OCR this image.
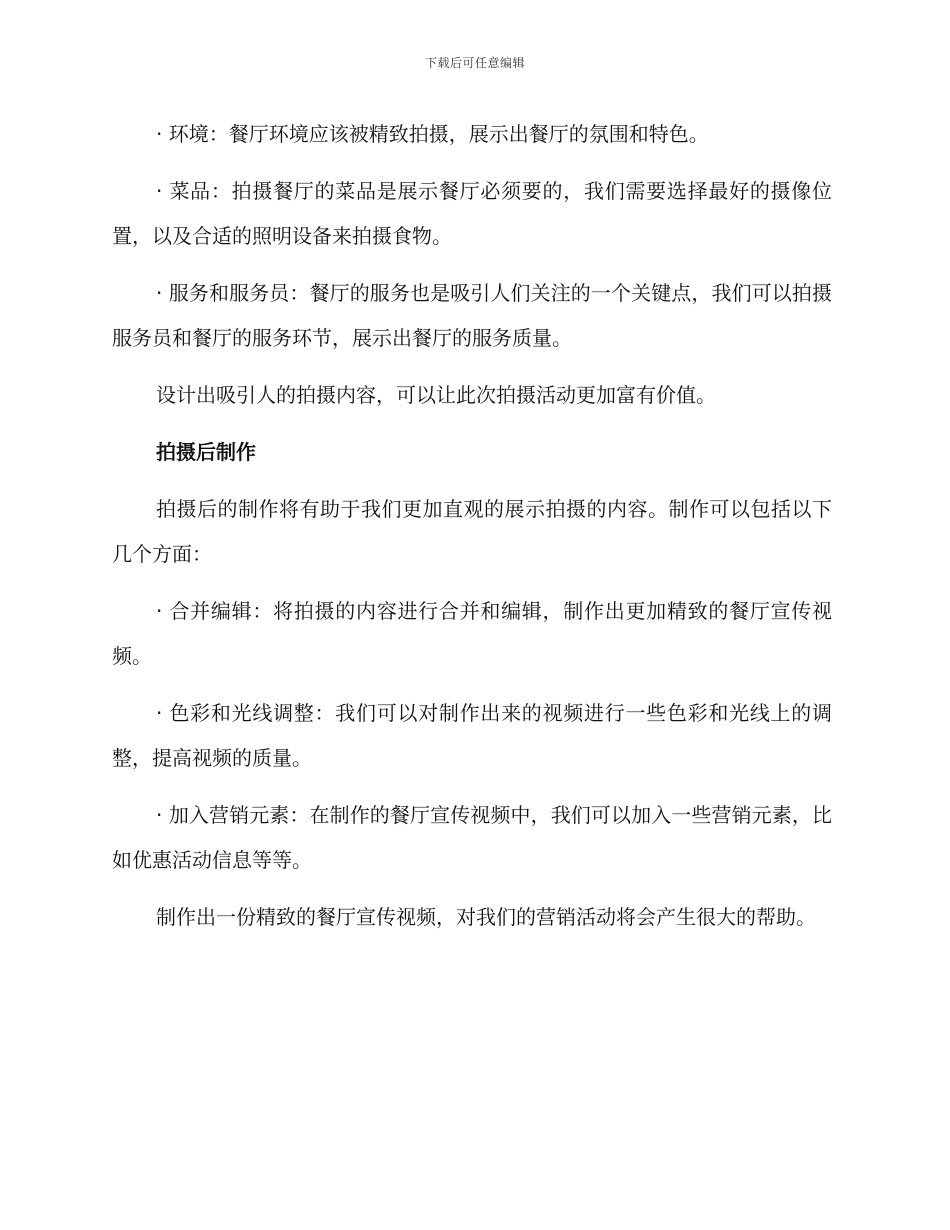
下载后可任意编辑

· 环境：餐厅环境应该被精致拍摄，展示出餐厅的氛围和特色。

· 菜品：拍摄餐厅的菜品是展示餐厅必须要的，我们需要选择最好的摄像位置，以及合适的照明设备来拍摄食物。

· 服务和服务员：餐厅的服务也是吸引人们关注的一个关键点，我们可以拍摄服务员和餐厅的服务环节，展示出餐厅的服务质量。

设计出吸引人的拍摄内容，可以让此次拍摄活动更加富有价值。

拍摄后制作

拍摄后的制作将有助于我们更加直观的展示拍摄的内容。制作可以包括以下几个方面：

· 合并编辑：将拍摄的内容进行合并和编辑，制作出更加精致的餐厅宣传视频。

· 色彩和光线调整：我们可以对制作出来的视频进行一些色彩和光线上的调整，提高视频的质量。

· 加入营销元素：在制作的餐厅宣传视频中，我们可以加入一些营销元素，比如优惠活动信息等等。

制作出一份精致的餐厅宣传视频，对我们的营销活动将会产生很大的帮助。
